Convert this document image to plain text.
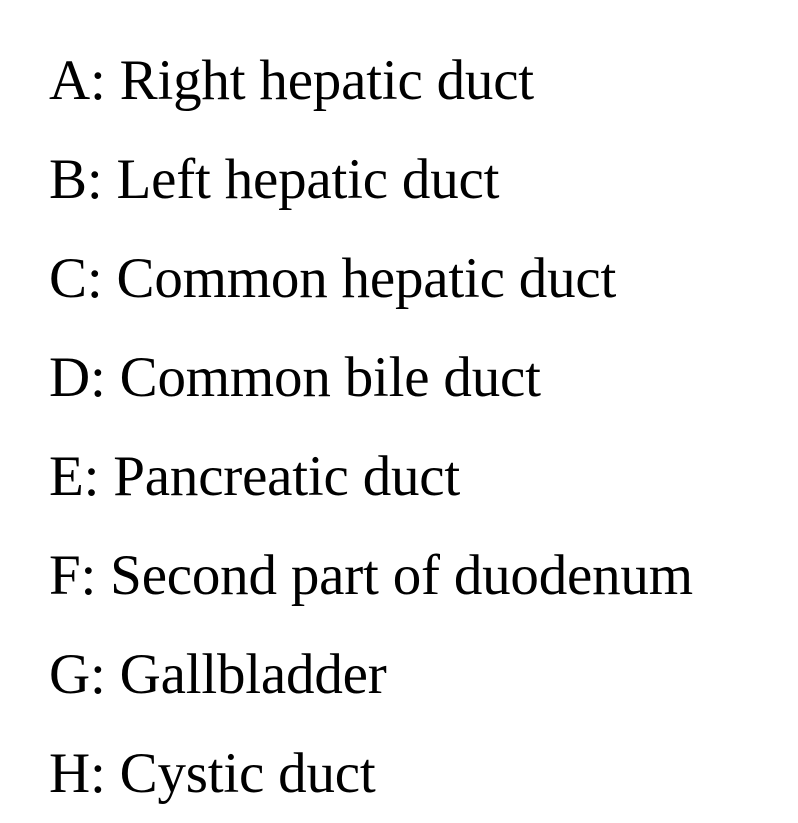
A: Right hepatic duct
B: Left hepatic duct
C: Common hepatic duct
D: Common bile duct
E: Pancreatic duct
F: Second part of duodenum
G: Gallbladder
H: Cystic duct
